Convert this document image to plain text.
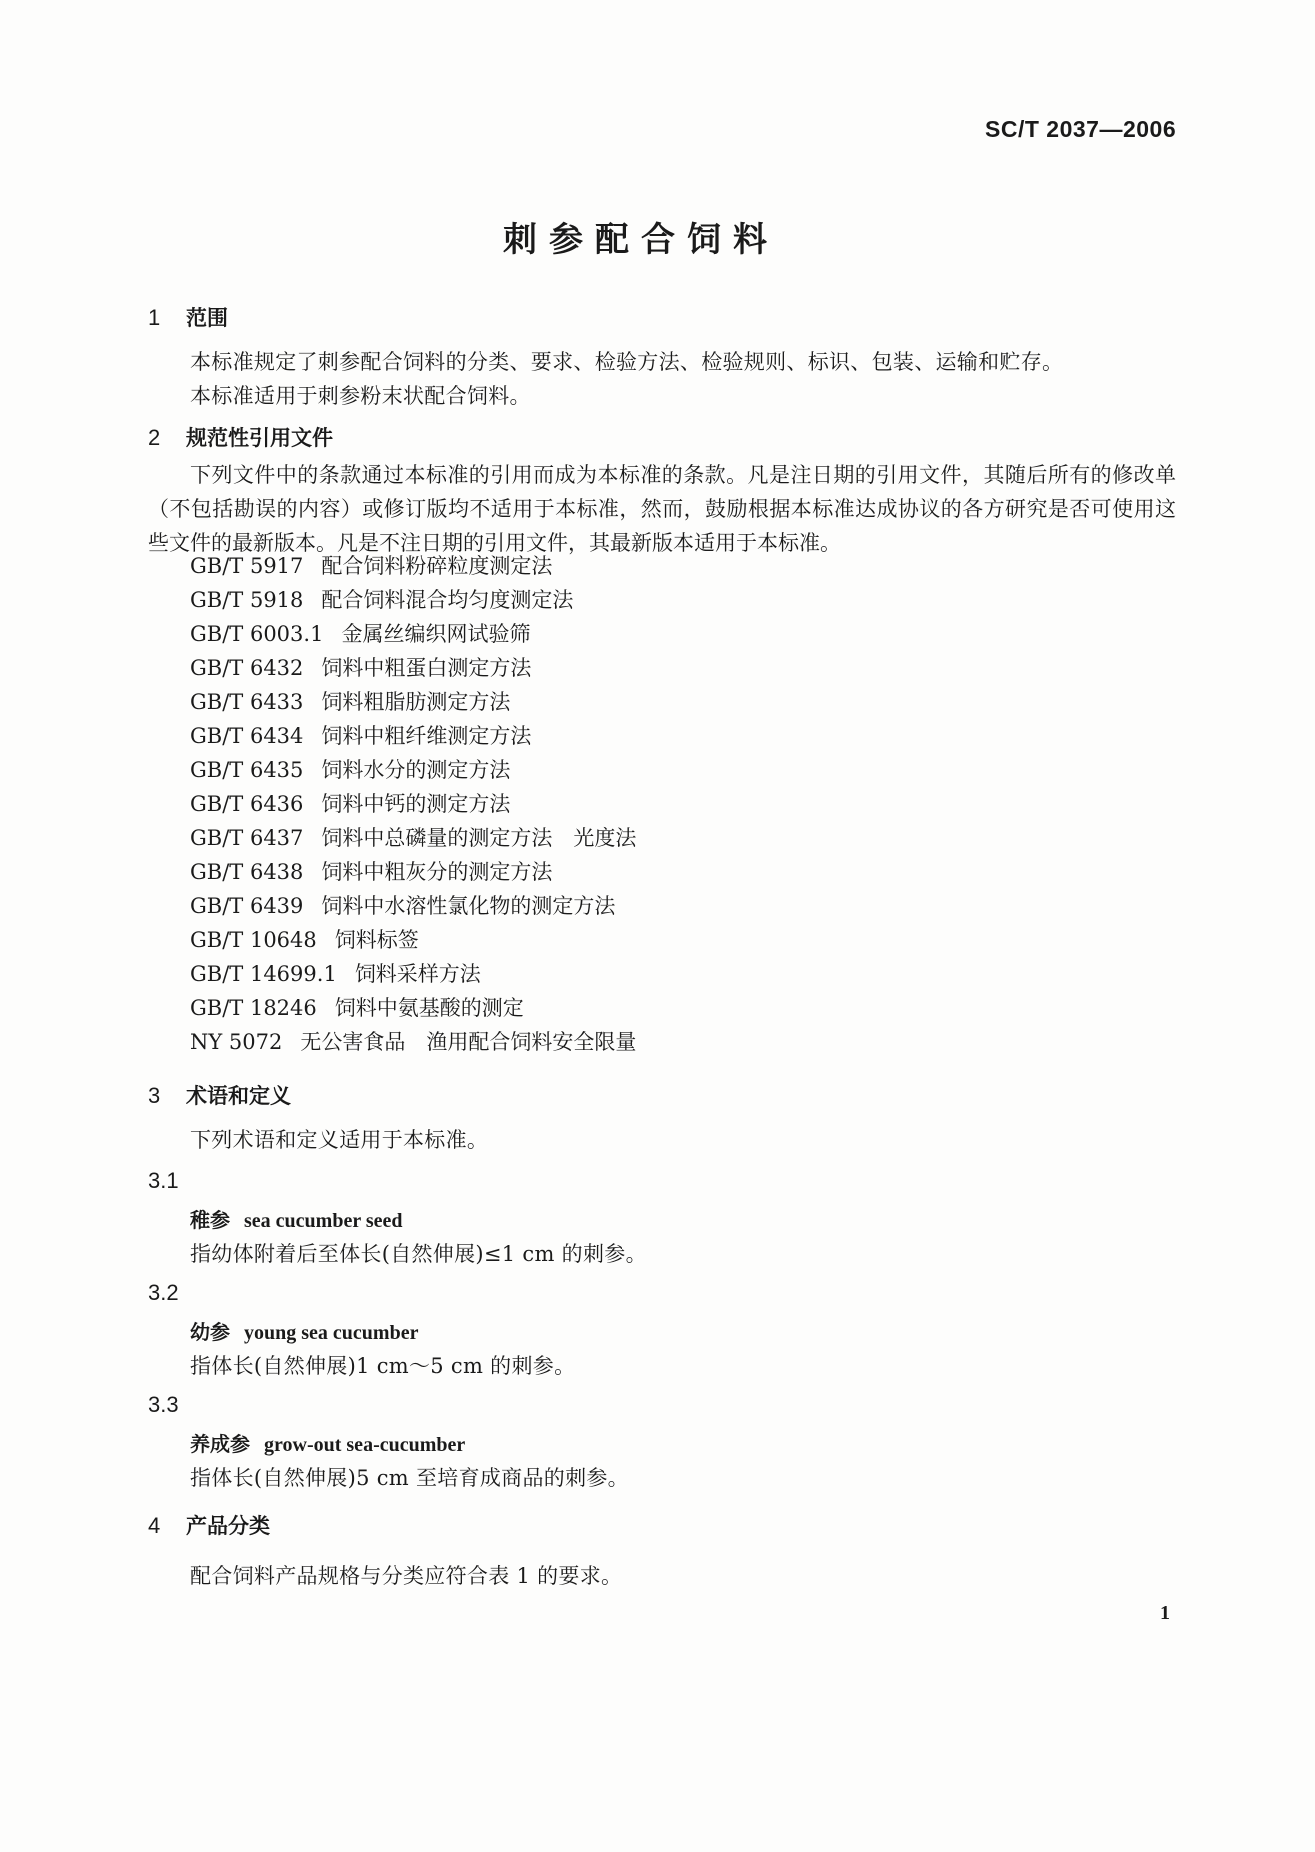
SC/T 2037—2006
刺参配合饲料
1 范围
本标准规定了刺参配合饲料的分类、要求、检验方法、检验规则、标识、包装、运输和贮存。
本标准适用于刺参粉末状配合饲料。
2 规范性引用文件
下列文件中的条款通过本标准的引用而成为本标准的条款。凡是注日期的引用文件，其随后所有的修改单（不包括勘误的内容）或修订版均不适用于本标准，然而，鼓励根据本标准达成协议的各方研究是否可使用这些文件的最新版本。凡是不注日期的引用文件，其最新版本适用于本标准。
GB/T 5917 配合饲料粉碎粒度测定法
GB/T 5918 配合饲料混合均匀度测定法
GB/T 6003.1 金属丝编织网试验筛
GB/T 6432 饲料中粗蛋白测定方法
GB/T 6433 饲料粗脂肪测定方法
GB/T 6434 饲料中粗纤维测定方法
GB/T 6435 饲料水分的测定方法
GB/T 6436 饲料中钙的测定方法
GB/T 6437 饲料中总磷量的测定方法　光度法
GB/T 6438 饲料中粗灰分的测定方法
GB/T 6439 饲料中水溶性氯化物的测定方法
GB/T 10648 饲料标签
GB/T 14699.1 饲料采样方法
GB/T 18246 饲料中氨基酸的测定
NY 5072 无公害食品　渔用配合饲料安全限量
3 术语和定义
下列术语和定义适用于本标准。
3.1
稚参 sea cucumber seed
指幼体附着后至体长(自然伸展)≤1 cm 的刺参。
3.2
幼参 young sea cucumber
指体长(自然伸展)1 cm～5 cm 的刺参。
3.3
养成参 grow-out sea-cucumber
指体长(自然伸展)5 cm 至培育成商品的刺参。
4 产品分类
配合饲料产品规格与分类应符合表 1 的要求。
1
